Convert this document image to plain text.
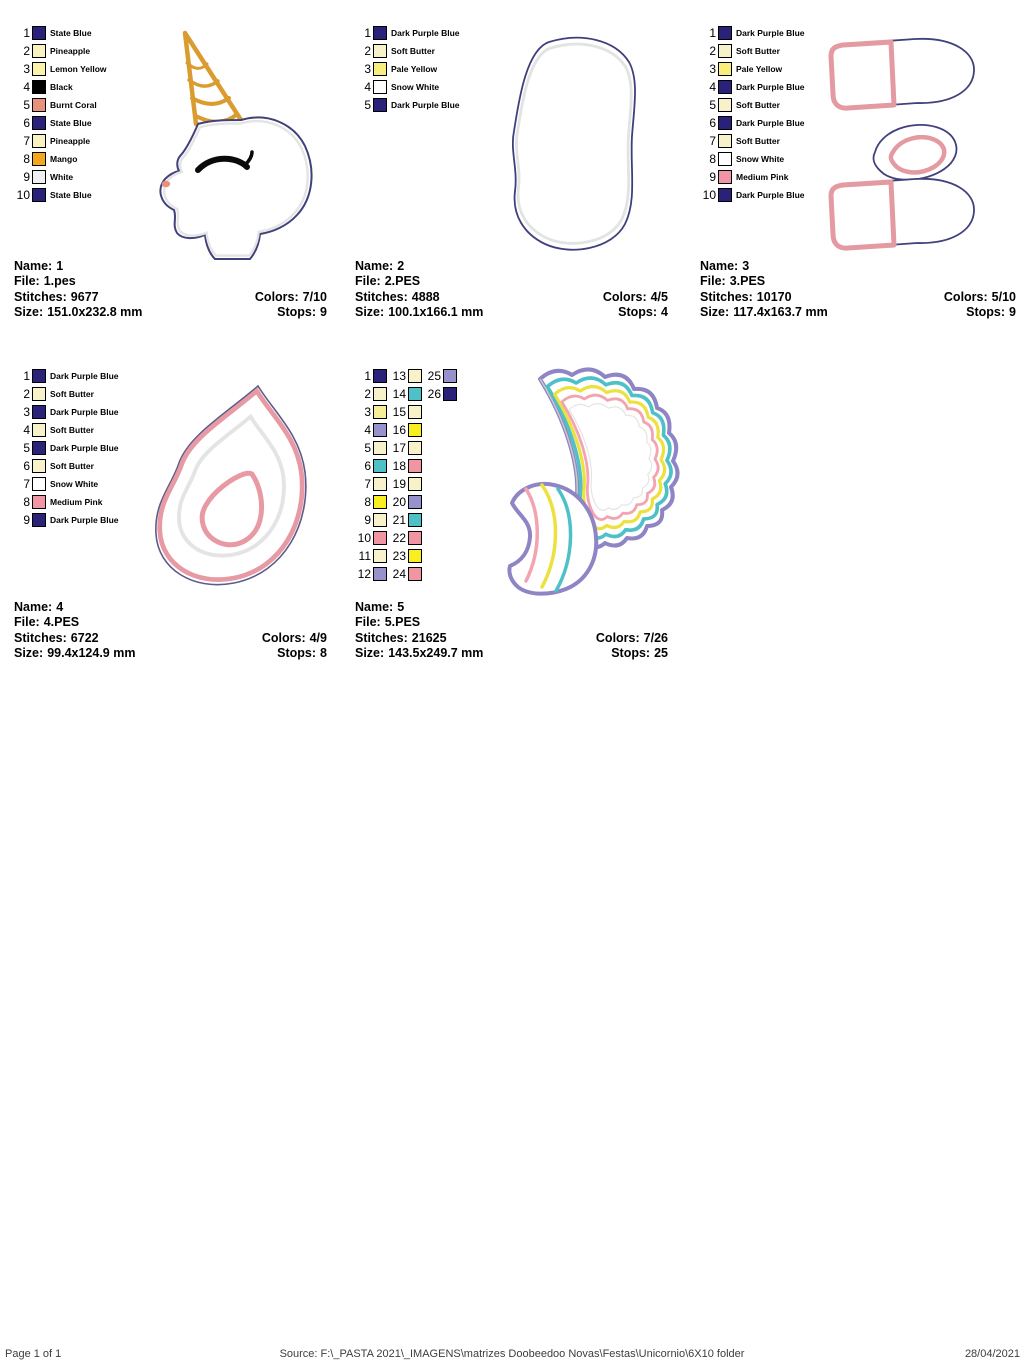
1 State Blue
2 Pineapple
3 Lemon Yellow
4 Black
5 Burnt Coral
6 State Blue
7 Pineapple
8 Mango
9 White
10 State Blue
Name: 1
File: 1.pes
Stitches: 9677	Colors: 7/10
Size: 151.0x232.8 mm	Stops: 9
1 Dark Purple Blue
2 Soft Butter
3 Pale Yellow
4 Snow White
5 Dark Purple Blue
Name: 2
File: 2.PES
Stitches: 4888	Colors: 4/5
Size: 100.1x166.1 mm	Stops: 4
1 Dark Purple Blue
2 Soft Butter
3 Pale Yellow
4 Dark Purple Blue
5 Soft Butter
6 Dark Purple Blue
7 Soft Butter
8 Snow White
9 Medium Pink
10 Dark Purple Blue
Name: 3
File: 3.PES
Stitches: 10170	Colors: 5/10
Size: 117.4x163.7 mm	Stops: 9
1 Dark Purple Blue
2 Soft Butter
3 Dark Purple Blue
4 Soft Butter
5 Dark Purple Blue
6 Soft Butter
7 Snow White
8 Medium Pink
9 Dark Purple Blue
Name: 4
File: 4.PES
Stitches: 6722	Colors: 4/9
Size: 99.4x124.9 mm	Stops: 8
1
2
3
4
5
6
7
8
9
10
11
12
13
14
15
16
17
18
19
20
21
22
23
24
25
26
Name: 5
File: 5.PES
Stitches: 21625	Colors: 7/26
Size: 143.5x249.7 mm	Stops: 25
Page 1 of 1	Source: F:\_PASTA 2021\_IMAGENS\matrizes Doobeedoo Novas\Festas\Unicornio\6X10 folder	28/04/2021
